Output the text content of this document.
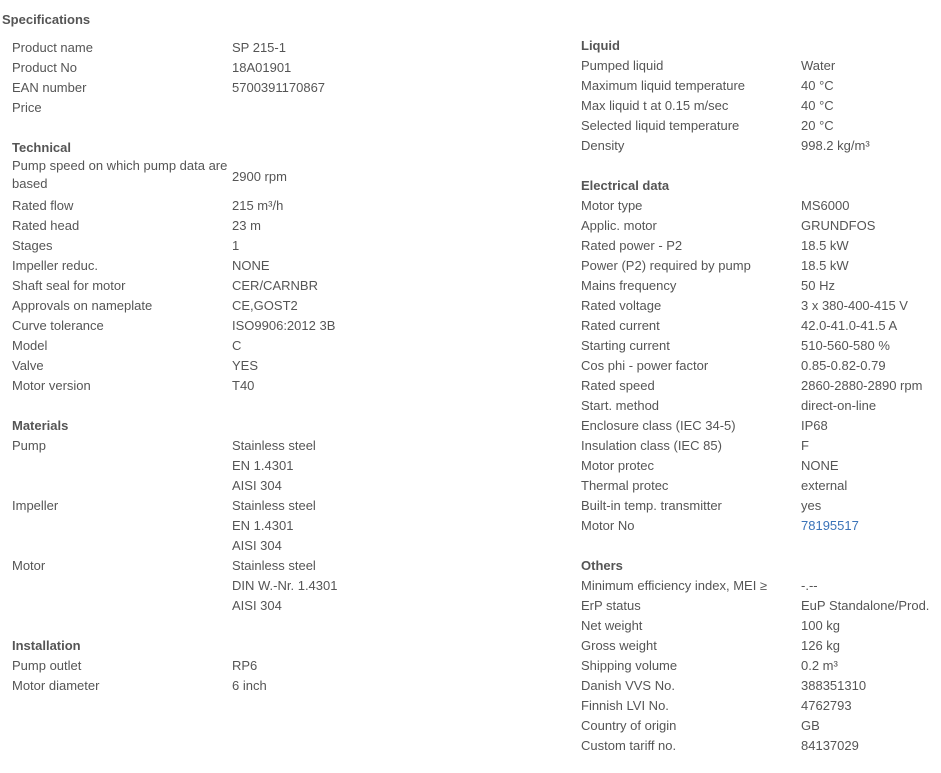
Specifications
Product name	SP 215-1
Product No	18A01901
EAN number	5700391170867
Price
Technical
Pump speed on which pump data are based	2900 rpm
Rated flow	215 m³/h
Rated head	23 m
Stages	1
Impeller reduc.	NONE
Shaft seal for motor	CER/CARNBR
Approvals on nameplate	CE,GOST2
Curve tolerance	ISO9906:2012 3B
Model	C
Valve	YES
Motor version	T40
Materials
Pump	Stainless steel
EN 1.4301
AISI 304
Impeller	Stainless steel
EN 1.4301
AISI 304
Motor	Stainless steel
DIN W.-Nr. 1.4301
AISI 304
Installation
Pump outlet	RP6
Motor diameter	6 inch
Liquid
Pumped liquid	Water
Maximum liquid temperature	40 °C
Max liquid t at 0.15 m/sec	40 °C
Selected liquid temperature	20 °C
Density	998.2 kg/m³
Electrical data
Motor type	MS6000
Applic. motor	GRUNDFOS
Rated power - P2	18.5 kW
Power (P2) required by pump	18.5 kW
Mains frequency	50 Hz
Rated voltage	3 x 380-400-415 V
Rated current	42.0-41.0-41.5 A
Starting current	510-560-580 %
Cos phi - power factor	0.85-0.82-0.79
Rated speed	2860-2880-2890 rpm
Start. method	direct-on-line
Enclosure class (IEC 34-5)	IP68
Insulation class (IEC 85)	F
Motor protec	NONE
Thermal protec	external
Built-in temp. transmitter	yes
Motor No	78195517
Others
Minimum efficiency index, MEI ≥	-.--
ErP status	EuP Standalone/Prod.
Net weight	100 kg
Gross weight	126 kg
Shipping volume	0.2 m³
Danish VVS No.	388351310
Finnish LVI No.	4762793
Country of origin	GB
Custom tariff no.	84137029
